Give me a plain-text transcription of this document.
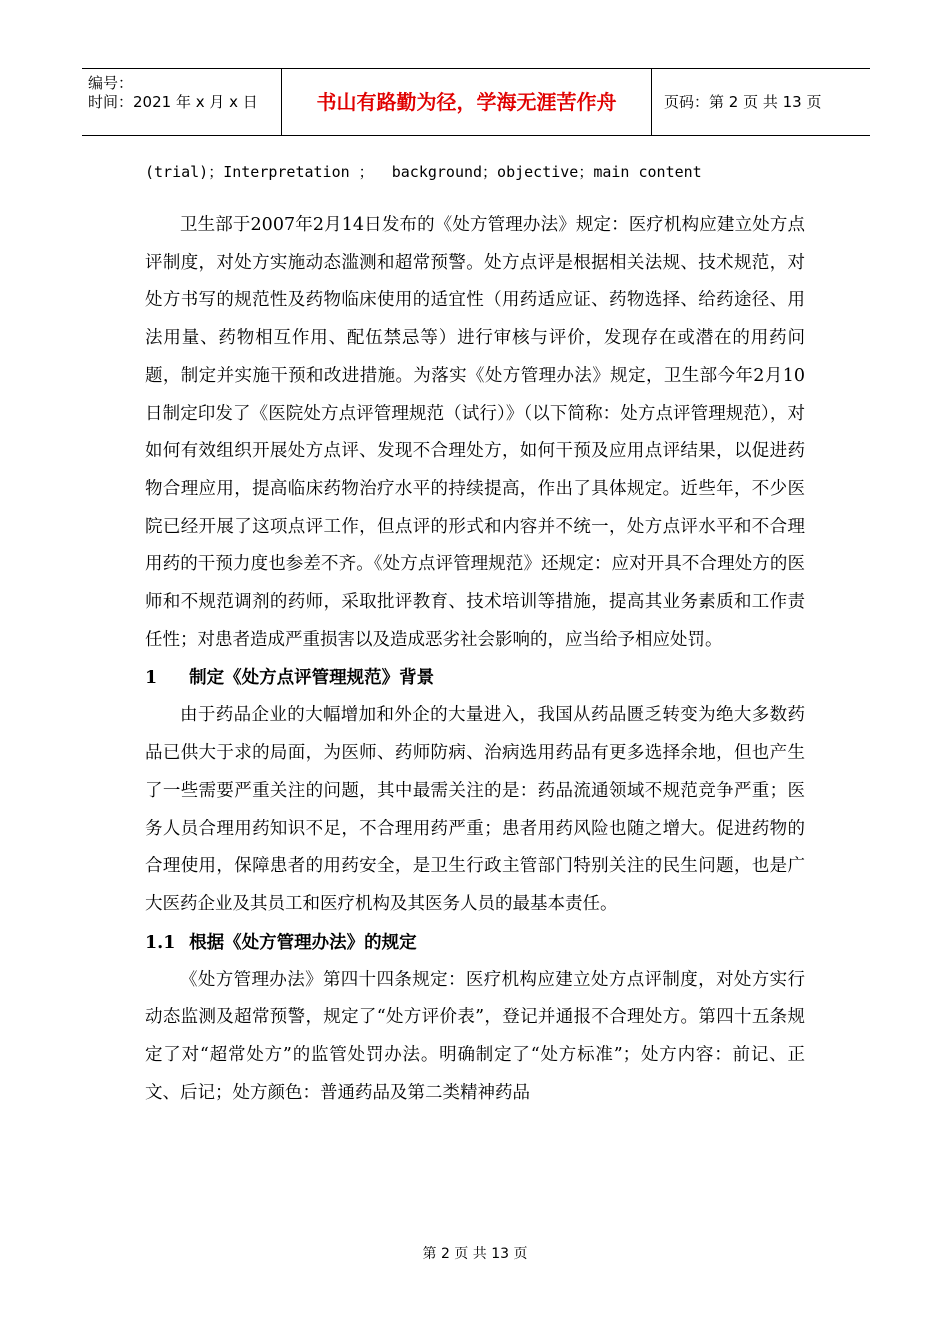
编号：
时间：2021 年 x 月 x 日	书山有路勤为径，学海无涯苦作舟	页码：第 2 页 共 13 页
(trial)；Interpretation ；  background；objective；main content

卫生部于2007年2月14日发布的《处方管理办法》规定：医疗机构应建立处方点评制度，对处方实施动态滥测和超常预警。处方点评是根据相关法规、技术规范，对处方书写的规范性及药物临床使用的适宜性（用药适应证、药物选择、给药途径、用法用量、药物相互作用、配伍禁忌等）进行审核与评价，发现存在或潜在的用药问题，制定并实施干预和改进措施。为落实《处方管理办法》规定，卫生部今年2月10日制定印发了《医院处方点评管理规范（试行）》（以下简称：处方点评管理规范），对如何有效组织开展处方点评、发现不合理处方，如何干预及应用点评结果，以促进药物合理应用，提高临床药物治疗水平的持续提高，作出了具体规定。近些年，不少医院已经开展了这项点评工作，但点评的形式和内容并不统一，处方点评水平和不合理用药的干预力度也参差不齐。《处方点评管理规范》还规定：应对开具不合理处方的医师和不规范调剂的药师，采取批评教育、技术培训等措施，提高其业务素质和工作责任性；对患者造成严重损害以及造成恶劣社会影响的，应当给予相应处罚。

1 制定《处方点评管理规范》背景

由于药品企业的大幅增加和外企的大量进入，我国从药品匮乏转变为绝大多数药品已供大于求的局面，为医师、药师防病、治病选用药品有更多选择余地，但也产生了一些需要严重关注的问题，其中最需关注的是：药品流通领域不规范竞争严重；医务人员合理用药知识不足，不合理用药严重；患者用药风险也随之增大。促进药物的合理使用，保障患者的用药安全，是卫生行政主管部门特别关注的民生问题，也是广大医药企业及其员工和医疗机构及其医务人员的最基本责任。

1.1 根据《处方管理办法》的规定

《处方管理办法》第四十四条规定：医疗机构应建立处方点评制度，对处方实行动态监测及超常预警，规定了“处方评价表”，登记并通报不合理处方。第四十五条规定了对“超常处方”的监管处罚办法。明确制定了“处方标准”；处方内容：前记、正文、后记；处方颜色：普通药品及第二类精神药品

第 2 页 共 13 页
